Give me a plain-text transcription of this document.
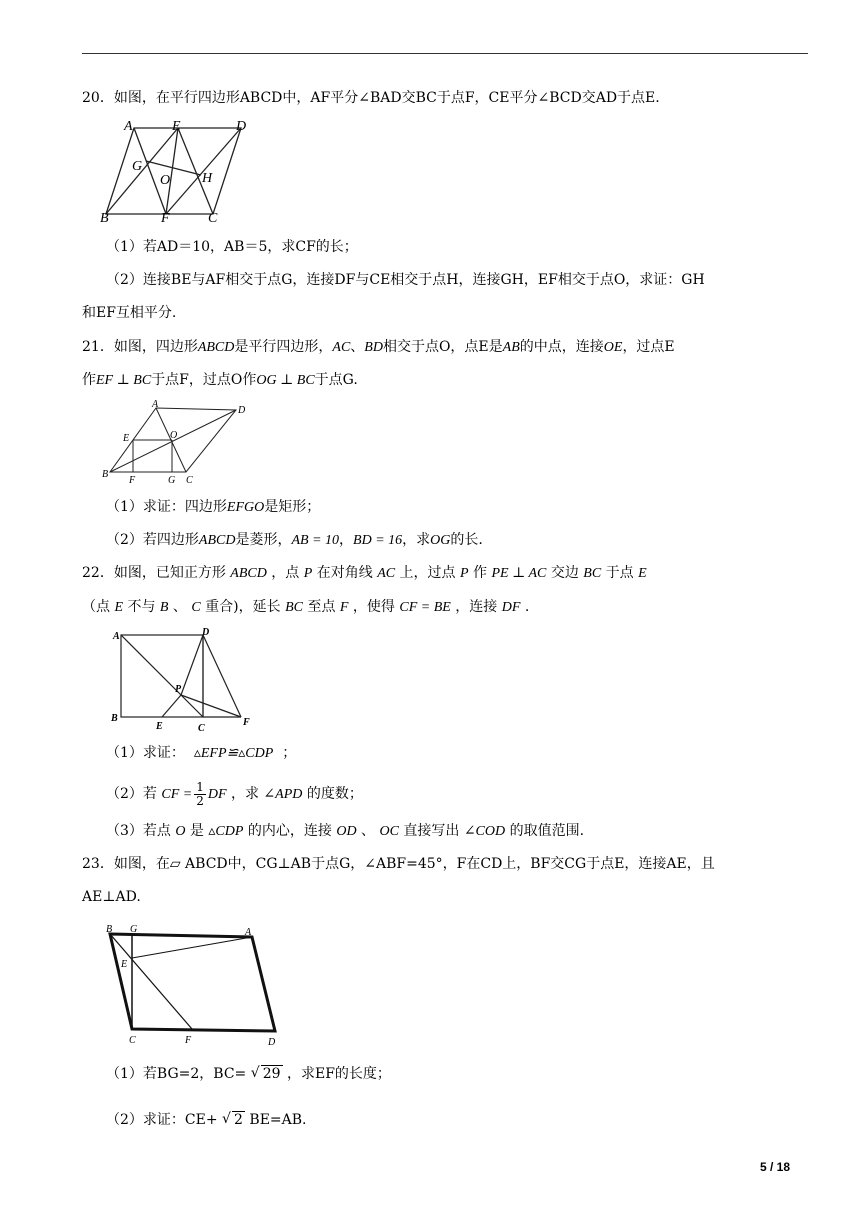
20．如图，在平行四边形ABCD中，AF平分∠BAD交BC于点F，CE平分∠BCD交AD于点E.
A	E	D
G
O H
B	F	C
（1）若AD＝10，AB＝5，求CF的长；
（2）连接BE与AF相交于点G，连接DF与CE相交于点H，连接GH，EF相交于点O，求证：GH
和EF互相平分.
21．如图，四边形ABCD是平行四边形，AC、BD相交于点O，点E是AB的中点，连接OE，过点E
作EF ⊥ BC于点F，过点O作OG ⊥ BC于点G.
A
D
E	O
B
F	G C
（1）求证：四边形EFGO是矩形；
（2）若四边形ABCD是菱形，AB = 10，BD = 16，求OG的长.
22．如图，已知正方形 ABCD ，点 P 在对角线 AC 上，过点 P 作 PE ⊥ AC 交边 BC 于点 E
（点 E 不与 B 、 C 重合)，延长 BC 至点 F ，使得 CF = BE ，连接 DF .
A	D
P
B
E	C
F
（1）求证： ▵EFP≌▵CDP ；
（2）若 CF = $\frac{1}{2}$ DF ，求 ∠APD 的度数；
（3）若点 O 是 ▵CDP 的内心，连接 OD 、 OC 直接写出 ∠COD 的取值范围.
23．如图，在▱ ABCD中，CG⊥AB于点G，∠ABF=45°，F在CD上，BF交CG于点E，连接AE，且
AE⊥AD.
B G	A
E
C	F	D
（1）若BG=2，BC= √ 29 ，求EF的长度；
（2）求证：CE+ √ 2 BE=AB.
5 / 18
